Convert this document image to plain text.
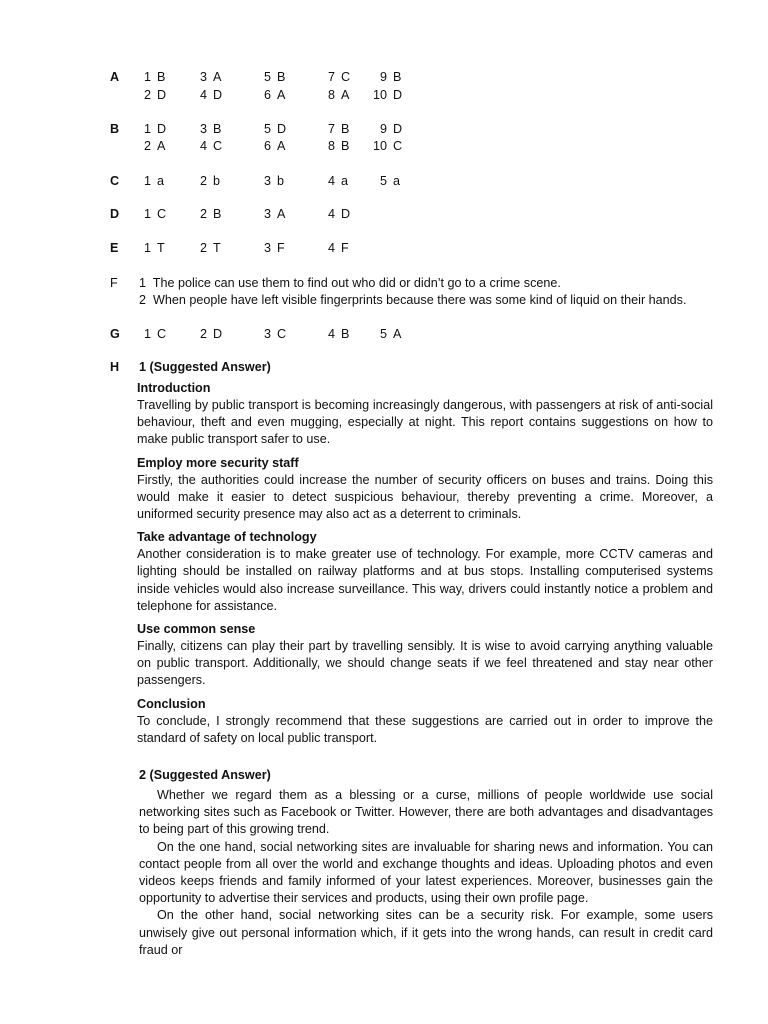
A	1 B	3 A	5 B	7 C	9 B
2 D	4 D	6 A	8 A	10 D
B	1 D	3 B	5 D	7 B	9 D
2 A	4 C	6 A	8 B	10 C
C	1 a	2 b	3 b	4 a	5 a
D	1 C	2 B	3 A	4 D
E	1 T	2 T	3 F	4 F
F 1  The police can use them to find out who did or didn’t go to a crime scene.
2  When people have left visible fingerprints because there was some kind of liquid on their hands.
G	1 C	2 D	3 C	4 B	5 A
H 1 (Suggested Answer)

Introduction

Travelling by public transport is becoming increasingly dangerous, with passengers at risk of anti-social behaviour, theft and even mugging, especially at night. This report contains suggestions on how to make public transport safer to use.

Employ more security staff

Firstly, the authorities could increase the number of security officers on buses and trains. Doing this would make it easier to detect suspicious behaviour, thereby preventing a crime. Moreover, a uniformed security presence may also act as a deterrent to criminals.

Take advantage of technology

Another consideration is to make greater use of technology. For example, more CCTV cameras and lighting should be installed on railway platforms and at bus stops. Installing computerised systems inside vehicles would also increase surveillance. This way, drivers could instantly notice a problem and telephone for assistance.

Use common sense

Finally, citizens can play their part by travelling sensibly. It is wise to avoid carrying anything valuable on public transport. Additionally, we should change seats if we feel threatened and stay near other passengers.

Conclusion

To conclude, I strongly recommend that these suggestions are carried out in order to improve the standard of safety on local public transport.

2 (Suggested Answer)

Whether we regard them as a blessing or a curse, millions of people worldwide use social networking sites such as Facebook or Twitter. However, there are both advantages and disadvantages to being part of this growing trend.

On the one hand, social networking sites are invaluable for sharing news and information. You can contact people from all over the world and exchange thoughts and ideas. Uploading photos and even videos keeps friends and family informed of your latest experiences. Moreover, businesses gain the opportunity to advertise their services and products, using their own profile page.

On the other hand, social networking sites can be a security risk. For example, some users unwisely give out personal information which, if it gets into the wrong hands, can result in credit card fraud or
